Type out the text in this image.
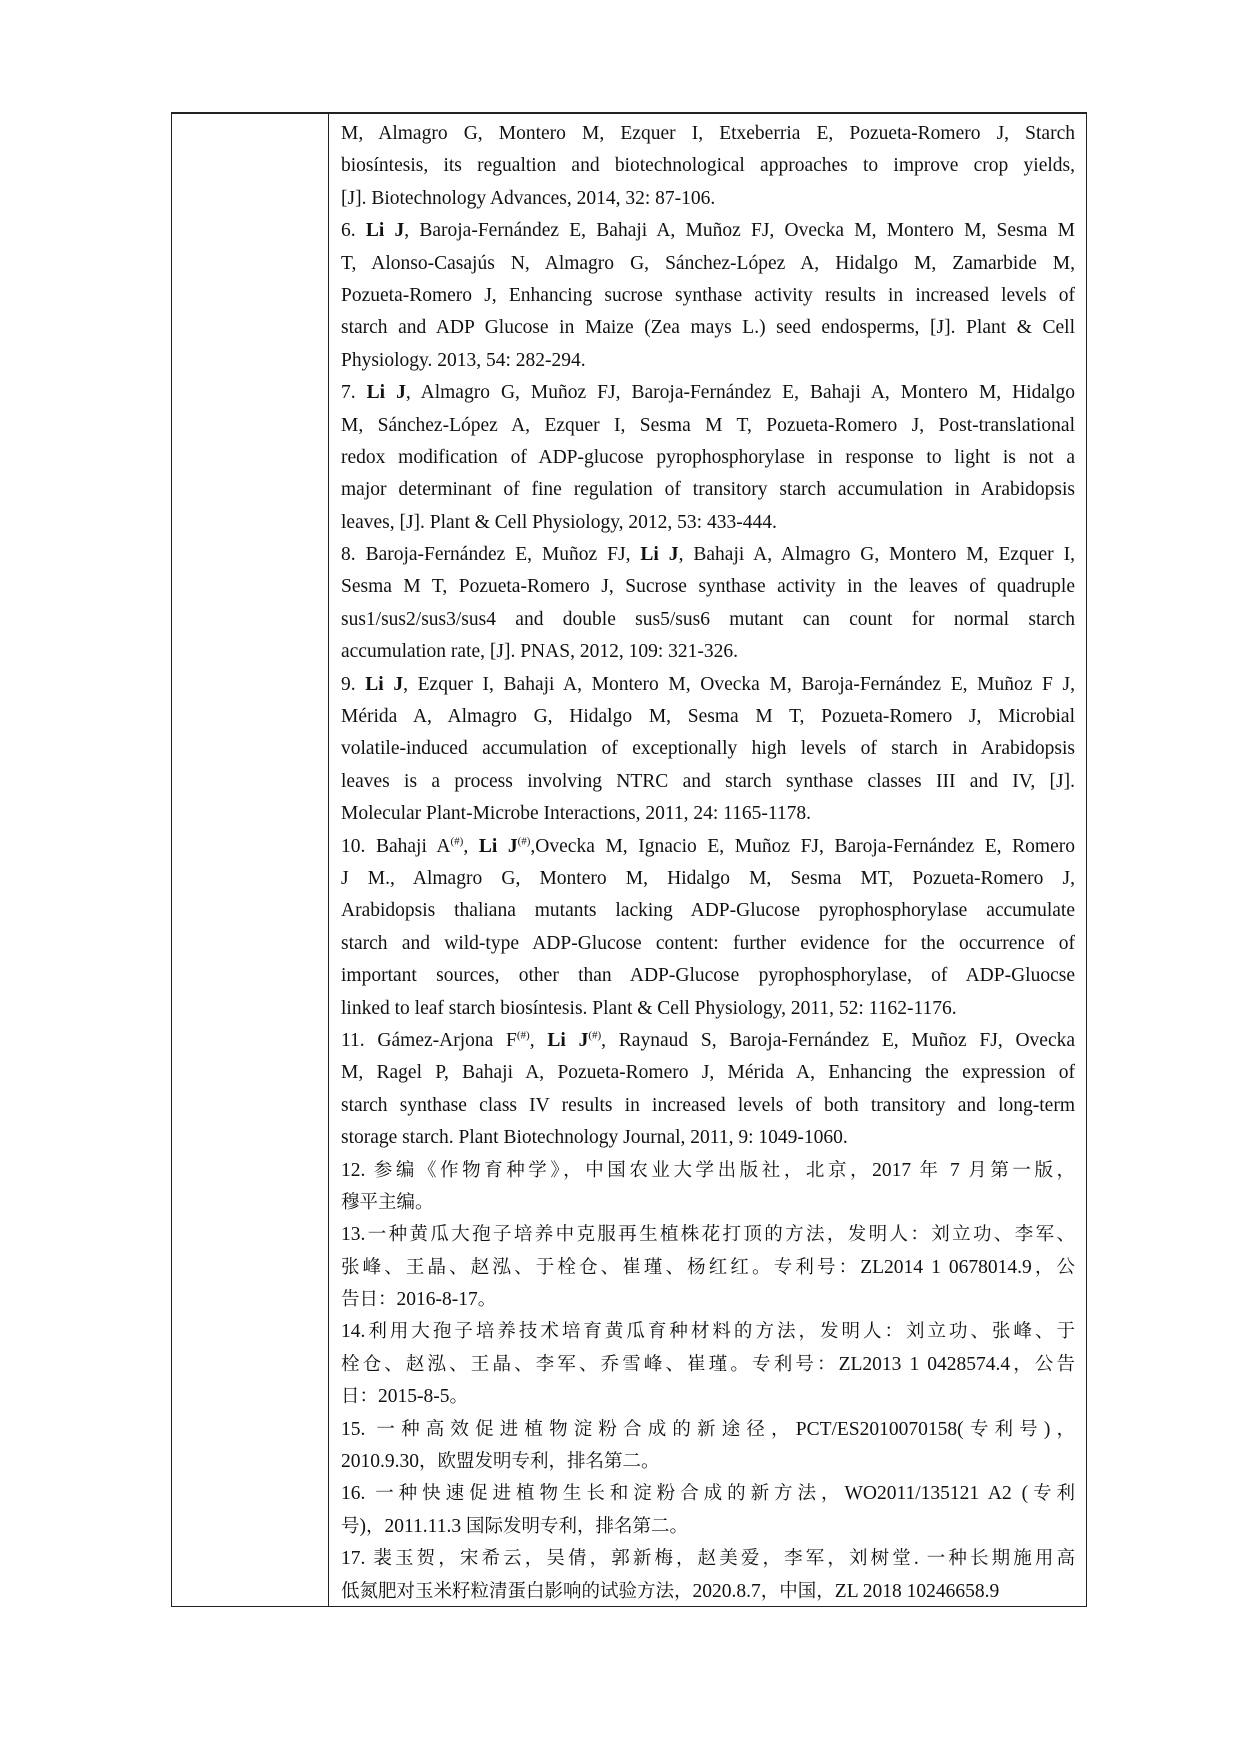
M, Almagro G, Montero M, Ezquer I, Etxeberria E, Pozueta-Romero J, Starch
biosíntesis, its regualtion and biotechnological approaches to improve crop yields,
[J]. Biotechnology Advances, 2014, 32: 87-106.
6. Li J, Baroja-Fernández E, Bahaji A, Muñoz FJ, Ovecka M, Montero M, Sesma M
T, Alonso-Casajús N, Almagro G, Sánchez-López A, Hidalgo M, Zamarbide M,
Pozueta-Romero J, Enhancing sucrose synthase activity results in increased levels of
starch and ADP Glucose in Maize (Zea mays L.) seed endosperms, [J]. Plant & Cell
Physiology. 2013, 54: 282-294.
7. Li J, Almagro G, Muñoz FJ, Baroja-Fernández E, Bahaji A, Montero M, Hidalgo
M, Sánchez-López A, Ezquer I, Sesma M T, Pozueta-Romero J, Post-translational
redox modification of ADP-glucose pyrophosphorylase in response to light is not a
major determinant of fine regulation of transitory starch accumulation in Arabidopsis
leaves, [J]. Plant & Cell Physiology, 2012, 53: 433-444.
8. Baroja-Fernández E, Muñoz FJ, Li J, Bahaji A, Almagro G, Montero M, Ezquer I,
Sesma M T, Pozueta-Romero J, Sucrose synthase activity in the leaves of quadruple
sus1/sus2/sus3/sus4 and double sus5/sus6 mutant can count for normal starch
accumulation rate, [J]. PNAS, 2012, 109: 321-326.
9. Li J, Ezquer I, Bahaji A, Montero M, Ovecka M, Baroja-Fernández E, Muñoz F J,
Mérida A, Almagro G, Hidalgo M, Sesma M T, Pozueta-Romero J, Microbial
volatile-induced accumulation of exceptionally high levels of starch in Arabidopsis
leaves is a process involving NTRC and starch synthase classes III and IV, [J].
Molecular Plant-Microbe Interactions, 2011, 24: 1165-1178.
10. Bahaji A(#), Li J(#),Ovecka M, Ignacio E, Muñoz FJ, Baroja-Fernández E, Romero
J M., Almagro G, Montero M, Hidalgo M, Sesma MT, Pozueta-Romero J,
Arabidopsis thaliana mutants lacking ADP-Glucose pyrophosphorylase accumulate
starch and wild-type ADP-Glucose content: further evidence for the occurrence of
important sources, other than ADP-Glucose pyrophosphorylase, of ADP-Gluocse
linked to leaf starch biosíntesis. Plant & Cell Physiology, 2011, 52: 1162-1176.
11. Gámez-Arjona F(#), Li J(#), Raynaud S, Baroja-Fernández E, Muñoz FJ, Ovecka
M, Ragel P, Bahaji A, Pozueta-Romero J, Mérida A, Enhancing the expression of
starch synthase class IV results in increased levels of both transitory and long-term
storage starch. Plant Biotechnology Journal, 2011, 9: 1049-1060.
12. 参编《作物育种学》，中国农业大学出版社，北京，2017 年 7 月第一版，
穆平主编。
13.一种黄瓜大孢子培养中克服再生植株花打顶的方法，发明人：刘立功、李军、
张峰、王晶、赵泓、于栓仓、崔瑾、杨红红。专利号：ZL2014 1 0678014.9，公
告日：2016-8-17。
14.利用大孢子培养技术培育黄瓜育种材料的方法，发明人：刘立功、张峰、于
栓仓、赵泓、王晶、李军、乔雪峰、崔瑾。专利号：ZL2013 1 0428574.4，公告
日：2015-8-5。
15. 一种高效促进植物淀粉合成的新途径，PCT/ES2010070158(专利号)，
2010.9.30，欧盟发明专利，排名第二。
16. 一种快速促进植物生长和淀粉合成的新方法，WO2011/135121 A2 (专利
号)，2011.11.3 国际发明专利，排名第二。
17. 裴玉贺，宋希云，吴倩，郭新梅，赵美爱，李军，刘树堂. 一种长期施用高
低氮肥对玉米籽粒清蛋白影响的试验方法，2020.8.7，中国，ZL 2018 10246658.9
